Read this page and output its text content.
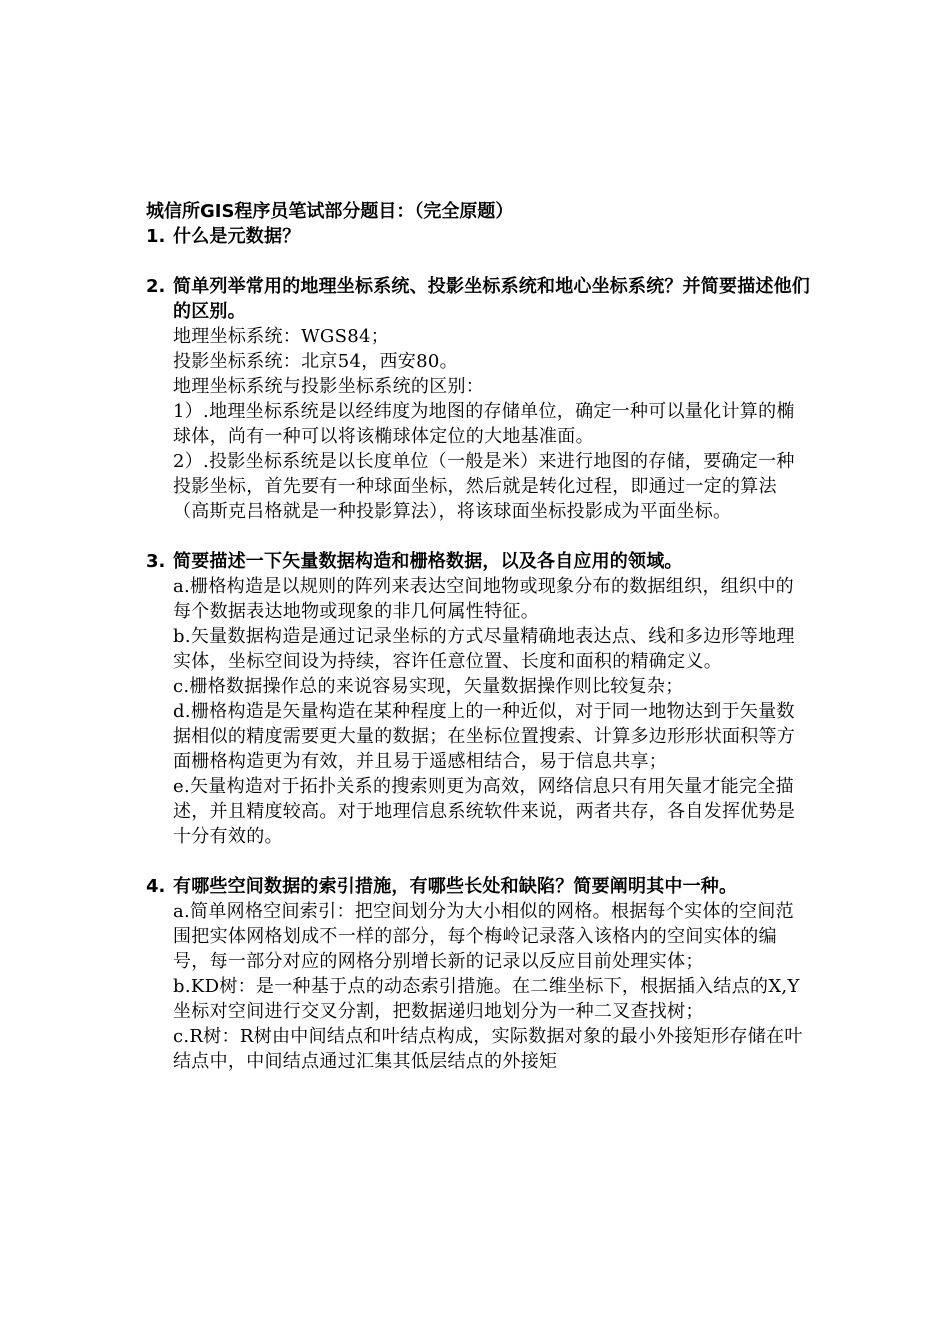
城信所GIS程序员笔试部分题目：（完全原题）

1. 什么是元数据？
2. 简单列举常用的地理坐标系统、投影坐标系统和地心坐标系统？并简要描述他们的区别。

地理坐标系统：WGS84；

投影坐标系统：北京54，西安80。

地理坐标系统与投影坐标系统的区别：

1）.地理坐标系统是以经纬度为地图的存储单位，确定一种可以量化计算的椭球体，尚有一种可以将该椭球体定位的大地基准面。

2）.投影坐标系统是以长度单位（一般是米）来进行地图的存储，要确定一种投影坐标，首先要有一种球面坐标，然后就是转化过程，即通过一定的算法（高斯克吕格就是一种投影算法），将该球面坐标投影成为平面坐标。

3. 简要描述一下矢量数据构造和栅格数据，以及各自应用的领域。

a.栅格构造是以规则的阵列来表达空间地物或现象分布的数据组织，组织中的每个数据表达地物或现象的非几何属性特征。

b.矢量数据构造是通过记录坐标的方式尽量精确地表达点、线和多边形等地理实体，坐标空间设为持续，容许任意位置、长度和面积的精确定义。

c.栅格数据操作总的来说容易实现，矢量数据操作则比较复杂；

d.栅格构造是矢量构造在某种程度上的一种近似，对于同一地物达到于矢量数据相似的精度需要更大量的数据；在坐标位置搜索、计算多边形形状面积等方面栅格构造更为有效，并且易于遥感相结合，易于信息共享；

e.矢量构造对于拓扑关系的搜索则更为高效，网络信息只有用矢量才能完全描述，并且精度较高。对于地理信息系统软件来说，两者共存，各自发挥优势是十分有效的。

4. 有哪些空间数据的索引措施，有哪些长处和缺陷？简要阐明其中一种。

a.简单网格空间索引：把空间划分为大小相似的网格。根据每个实体的空间范围把实体网格划成不一样的部分，每个梅岭记录落入该格内的空间实体的编号，每一部分对应的网格分别增长新的记录以反应目前处理实体；

b.KD树：是一种基于点的动态索引措施。在二维坐标下，根据插入结点的X,Y坐标对空间进行交叉分割，把数据递归地划分为一种二叉查找树；

c.R树：R树由中间结点和叶结点构成，实际数据对象的最小外接矩形存储在叶结点中，中间结点通过汇集其低层结点的外接矩
